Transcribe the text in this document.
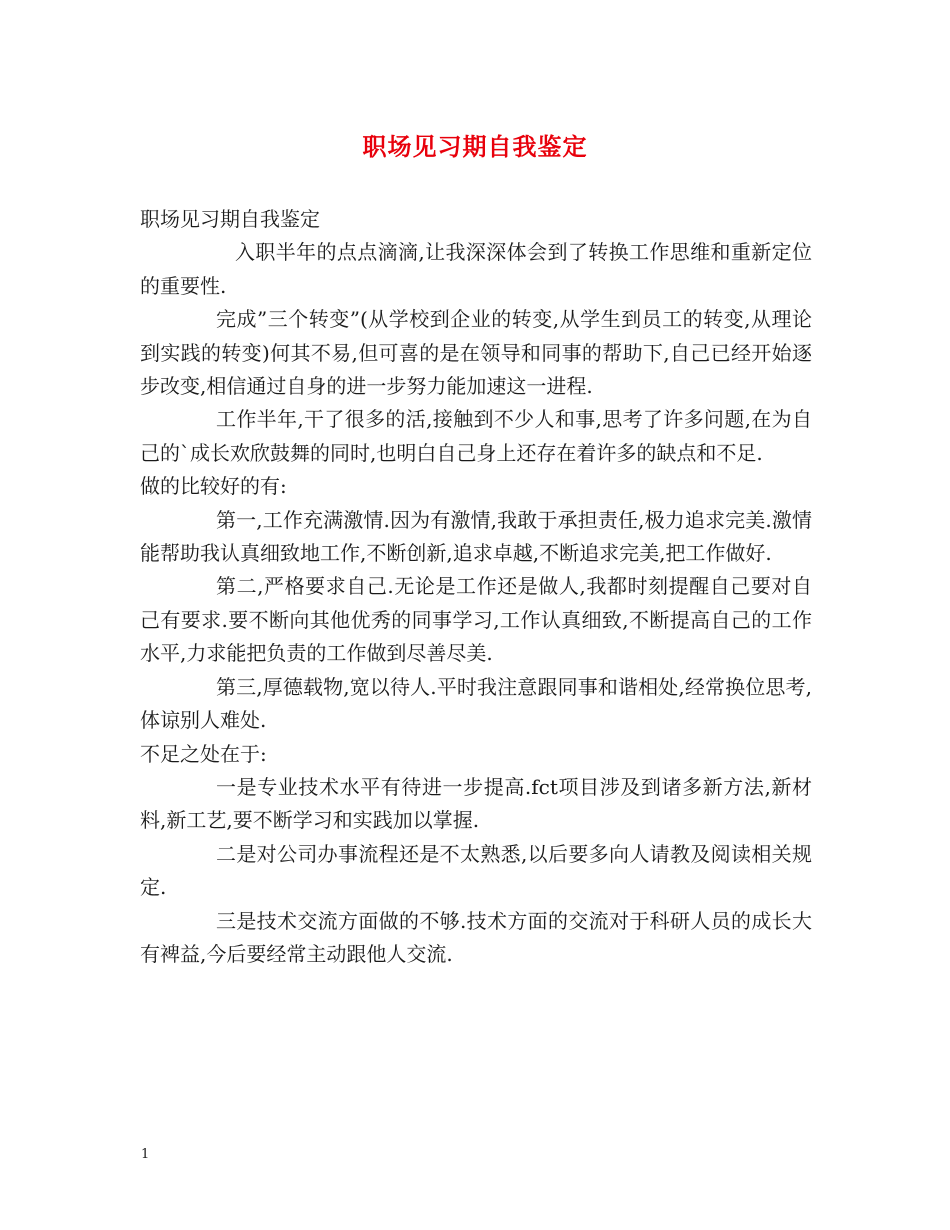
职场见习期自我鉴定

职场见习期自我鉴定

入职半年的点点滴滴,让我深深体会到了转换工作思维和重新定位的重要性.

完成”三个转变”(从学校到企业的转变,从学生到员工的转变,从理论到实践的转变)何其不易,但可喜的是在领导和同事的帮助下,自己已经开始逐步改变,相信通过自身的进一步努力能加速这一进程.

工作半年,干了很多的活,接触到不少人和事,思考了许多问题,在为自己的`成长欢欣鼓舞的同时,也明白自己身上还存在着许多的缺点和不足.

做的比较好的有:

第一,工作充满激情.因为有激情,我敢于承担责任,极力追求完美.激情能帮助我认真细致地工作,不断创新,追求卓越,不断追求完美,把工作做好.

第二,严格要求自己.无论是工作还是做人,我都时刻提醒自己要对自己有要求.要不断向其他优秀的同事学习,工作认真细致,不断提高自己的工作水平,力求能把负责的工作做到尽善尽美.

第三,厚德载物,宽以待人.平时我注意跟同事和谐相处,经常换位思考,体谅别人难处.

不足之处在于:

一是专业技术水平有待进一步提高.fct项目涉及到诸多新方法,新材料,新工艺,要不断学习和实践加以掌握.

二是对公司办事流程还是不太熟悉,以后要多向人请教及阅读相关规定.

三是技术交流方面做的不够.技术方面的交流对于科研人员的成长大有裨益,今后要经常主动跟他人交流.

1
